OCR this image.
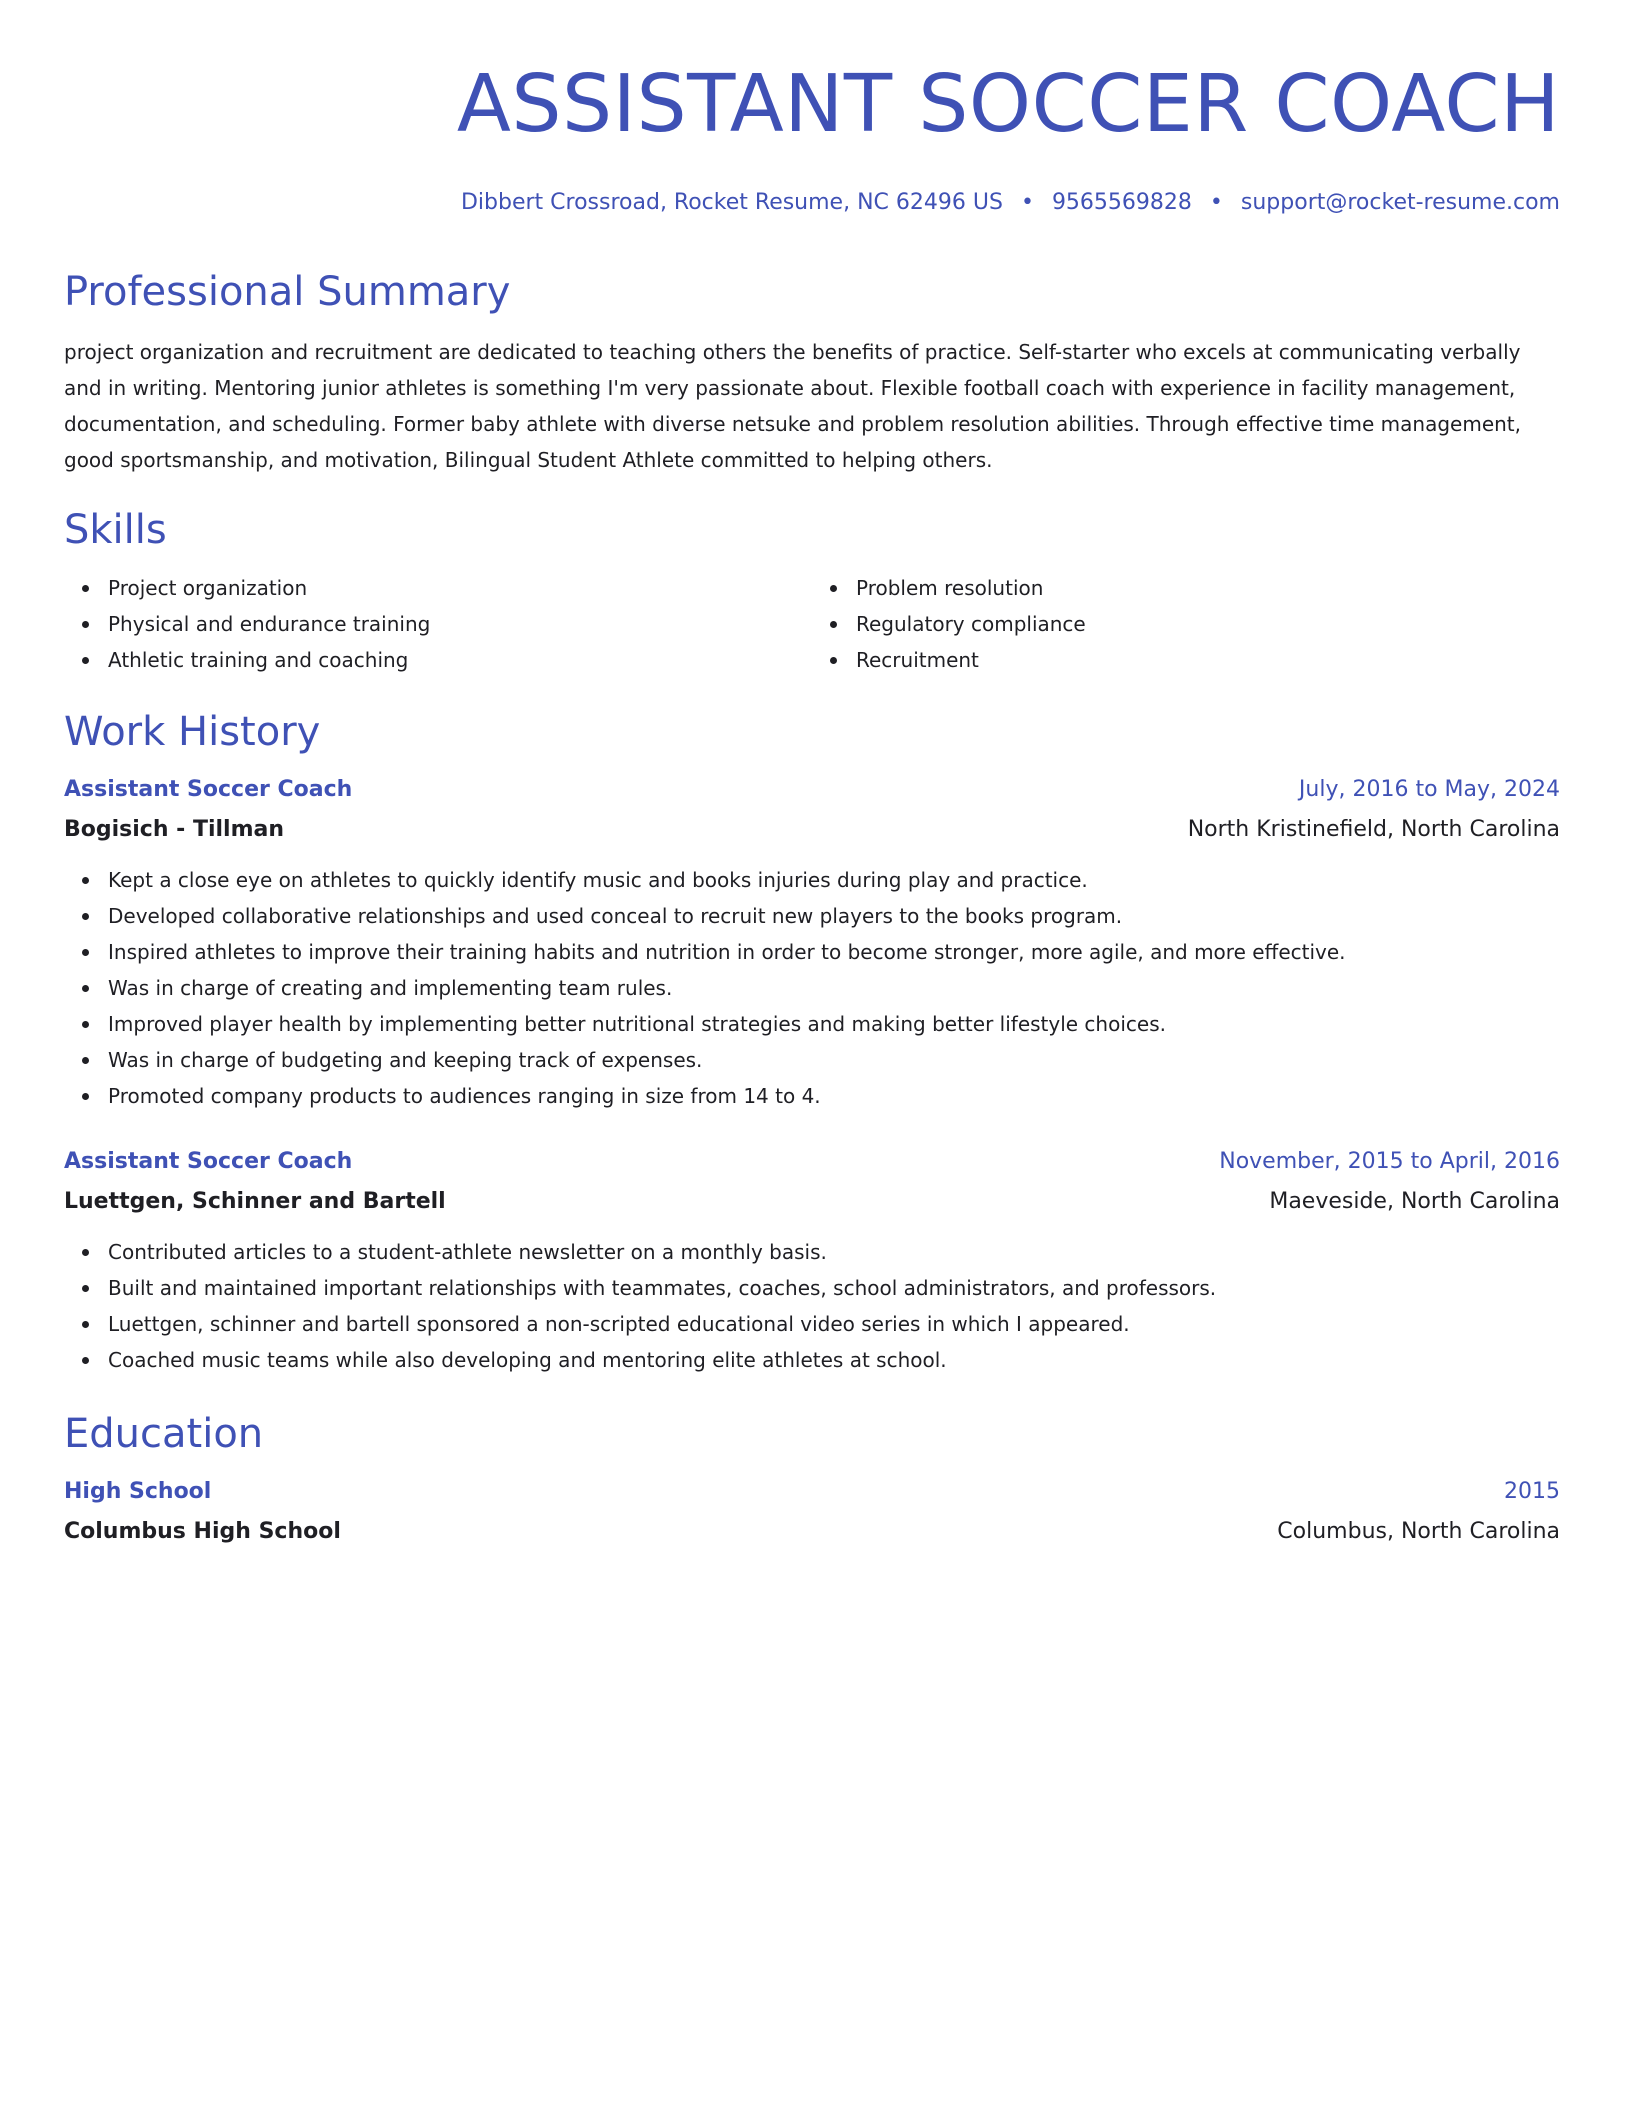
ASSISTANT SOCCER COACH
Dibbert Crossroad, Rocket Resume, NC 62496 US • 9565569828 • support@rocket-resume.com
Professional Summary
project organization and recruitment are dedicated to teaching others the benefits of practice. Self-starter who excels at communicating verbally and in writing. Mentoring junior athletes is something I'm very passionate about. Flexible football coach with experience in facility management, documentation, and scheduling. Former baby athlete with diverse netsuke and problem resolution abilities. Through effective time management, good sportsmanship, and motivation, Bilingual Student Athlete committed to helping others.
Skills
Project organization
Physical and endurance training
Athletic training and coaching
Problem resolution
Regulatory compliance
Recruitment
Work History
Assistant Soccer Coach	July, 2016 to May, 2024
Bogisich - Tillman	North Kristinefield, North Carolina
Kept a close eye on athletes to quickly identify music and books injuries during play and practice.
Developed collaborative relationships and used conceal to recruit new players to the books program.
Inspired athletes to improve their training habits and nutrition in order to become stronger, more agile, and more effective.
Was in charge of creating and implementing team rules.
Improved player health by implementing better nutritional strategies and making better lifestyle choices.
Was in charge of budgeting and keeping track of expenses.
Promoted company products to audiences ranging in size from 14 to 4.
Assistant Soccer Coach	November, 2015 to April, 2016
Luettgen, Schinner and Bartell	Maeveside, North Carolina
Contributed articles to a student-athlete newsletter on a monthly basis.
Built and maintained important relationships with teammates, coaches, school administrators, and professors.
Luettgen, schinner and bartell sponsored a non-scripted educational video series in which I appeared.
Coached music teams while also developing and mentoring elite athletes at school.
Education
High School	2015
Columbus High School	Columbus, North Carolina
